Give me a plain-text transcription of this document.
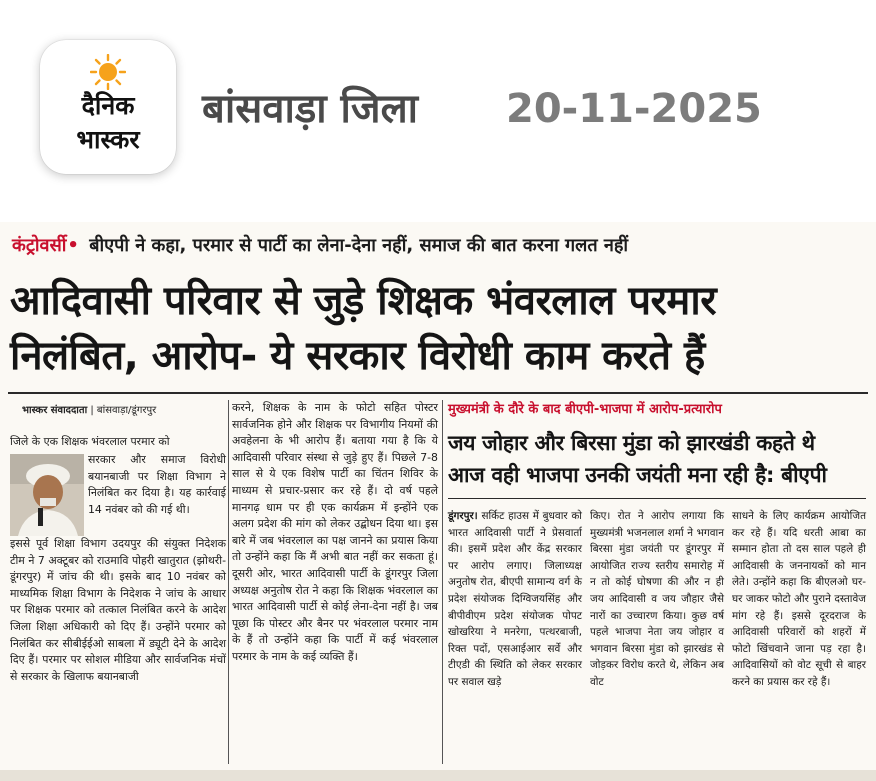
दैनिक
भास्कर
बांसवाड़ा जिला 20-11-2025
कंट्रोवर्सी• बीएपी ने कहा, परमार से पार्टी का लेना-देना नहीं, समाज की बात करना गलत नहीं
आदिवासी परिवार से जुड़े शिक्षक भंवरलाल परमार
निलंबित, आरोप- ये सरकार विरोधी काम करते हैं
भास्कर संवाददाता | बांसवाड़ा/डूंगरपुर
जिले के एक शिक्षक भंवरलाल परमार को
सरकार और समाज विरोधी बयानबाजी पर शिक्षा विभाग ने निलंबित कर दिया है। यह कार्रवाई 14 नवंबर को की गई थी।
इससे पूर्व शिक्षा विभाग उदयपुर की संयुक्त निदेशक टीम ने 7 अक्टूबर को राउमावि पोहरी खातुरात (झोथरी-डूंगरपुर) में जांच की थी। इसके बाद 10 नवंबर को माध्यमिक शिक्षा विभाग के निदेशक ने जांच के आधार पर शिक्षक परमार को तत्काल निलंबित करने के आदेश जिला शिक्षा अधिकारी को दिए हैं। उन्होंने परमार को निलंबित कर सीबीईईओ साबला में ड्यूटी देने के आदेश दिए हैं। परमार पर सोशल मीडिया और सार्वजनिक मंचों से सरकार के खिलाफ बयानबाजी
करने, शिक्षक के नाम के फोटो सहित पोस्टर सार्वजनिक होने और शिक्षक पर विभागीय नियमों की अवहेलना के भी आरोप हैं। बताया गया है कि ये आदिवासी परिवार संस्था से जुड़े हुए हैं। पिछले 7-8 साल से ये एक विशेष पार्टी का चिंतन शिविर के माध्यम से प्रचार-प्रसार कर रहे हैं। दो वर्ष पहले मानगढ़ धाम पर ही एक कार्यक्रम में इन्होंने एक अलग प्रदेश की मांग को लेकर उद्बोधन दिया था। इस बारे में जब भंवरलाल का पक्ष जानने का प्रयास किया तो उन्होंने कहा कि मैं अभी बात नहीं कर सकता हूं। दूसरी ओर, भारत आदिवासी पार्टी के डूंगरपुर जिला अध्यक्ष अनुतोष रोत ने कहा कि शिक्षक भंवरलाल का भारत आदिवासी पार्टी से कोई लेना-देना नहीं है। जब पूछा कि पोस्टर और बैनर पर भंवरलाल परमार नाम के हैं तो उन्होंने कहा कि पार्टी में कई भंवरलाल परमार के नाम के कई व्यक्ति हैं।
मुख्यमंत्री के दौरे के बाद बीएपी-भाजपा में आरोप-प्रत्यारोप
जय जोहार और बिरसा मुंडा को झारखंडी कहते थे
आज वही भाजपा उनकी जयंती मना रही है: बीएपी
डूंगरपुर। सर्किट हाउस में बुधवार को भारत आदिवासी पार्टी ने प्रेसवार्ता की। इसमें प्रदेश और केंद्र सरकार पर आरोप लगाए। जिलाध्यक्ष अनुतोष रोत, बीएपी सामान्य वर्ग के प्रदेश संयोजक दिग्विजयसिंह और बीपीवीएम प्रदेश संयोजक पोपट खोखरिया ने मनरेगा, पत्थरबाजी, रिक्त पदों, एसआईआर सर्वे और टीएडी की स्थिति को लेकर सरकार पर सवाल खड़े
किए। रोत ने आरोप लगाया कि मुख्यमंत्री भजनलाल शर्मा ने भगवान बिरसा मुंडा जयंती पर डूंगरपुर में आयोजित राज्य स्तरीय समारोह में न तो कोई घोषणा की और न ही जय आदिवासी व जय जौहार जैसे नारों का उच्चारण किया। कुछ वर्ष पहले भाजपा नेता जय जोहार व भगवान बिरसा मुंडा को झारखंड से जोड़कर विरोध करते थे, लेकिन अब वोट
साधने के लिए कार्यक्रम आयोजित कर रहे हैं। यदि धरती आबा का सम्मान होता तो दस साल पहले ही आदिवासी के जननायकों को मान लेते। उन्होंने कहा कि बीएलओ घर-घर जाकर फोटो और पुराने दस्तावेज मांग रहे हैं। इससे दूरदराज के आदिवासी परिवारों को शहरों में फोटो खिंचवाने जाना पड़ रहा है। आदिवासियों को वोट सूची से बाहर करने का प्रयास कर रहे हैं।
